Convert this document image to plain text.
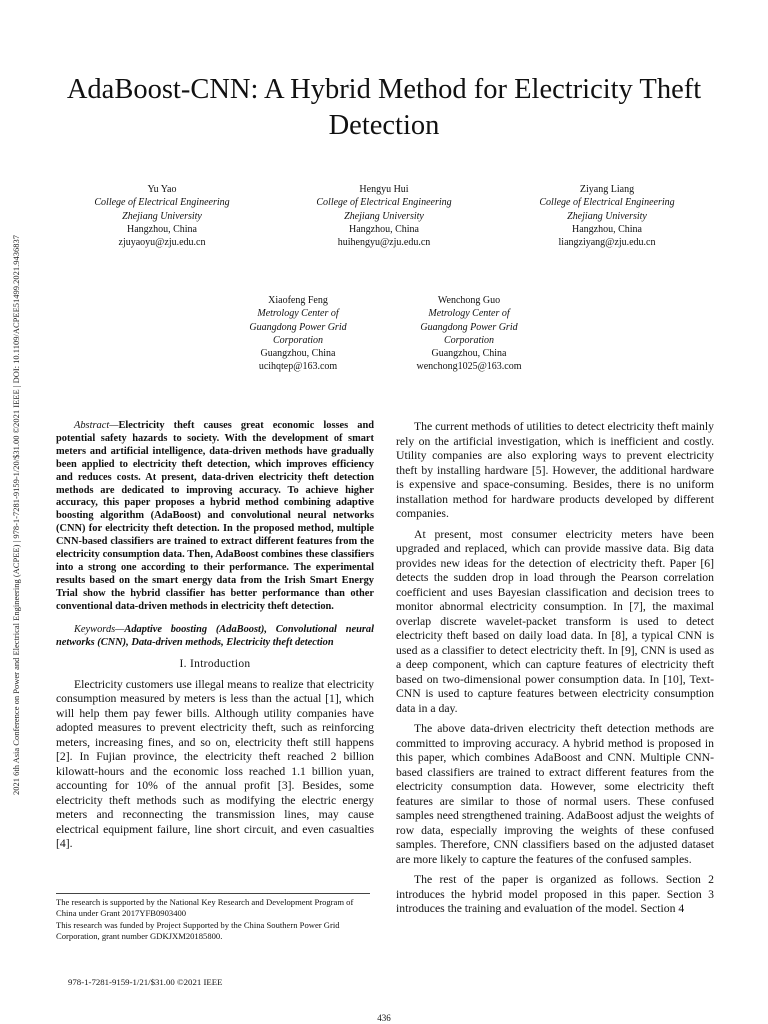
2021 6th Asia Conference on Power and Electrical Engineering (ACPEE) | 978-1-7281-9159-1/20/$31.00 ©2021 IEEE | DOI: 10.1109/ACPEE51499.2021.9436837
AdaBoost-CNN: A Hybrid Method for Electricity Theft Detection
Yu Yao
College of Electrical Engineering
Zhejiang University
Hangzhou, China
zjuyaoyu@zju.edu.cn
Hengyu Hui
College of Electrical Engineering
Zhejiang University
Hangzhou, China
huihengyu@zju.edu.cn
Ziyang Liang
College of Electrical Engineering
Zhejiang University
Hangzhou, China
liangziyang@zju.edu.cn
Xiaofeng Feng
Metrology Center of
Guangdong Power Grid
Corporation
Guangzhou, China
ucihqtep@163.com
Wenchong Guo
Metrology Center of
Guangdong Power Grid
Corporation
Guangzhou, China
wenchong1025@163.com

Abstract—Electricity theft causes great economic losses and potential safety hazards to society. With the development of smart meters and artificial intelligence, data-driven methods have gradually been applied to electricity theft detection, which improves efficiency and reduces costs. At present, data-driven electricity theft detection methods are dedicated to improving accuracy. To achieve higher accuracy, this paper proposes a hybrid method combining adaptive boosting algorithm (AdaBoost) and convolutional neural networks (CNN) for electricity theft detection. In the proposed method, multiple CNN-based classifiers are trained to extract different features from the electricity consumption data. Then, AdaBoost combines these classifiers into a strong one according to their performance. The experimental results based on the smart energy data from the Irish Smart Energy Trial show the hybrid classifier has better performance than other conventional data-driven methods in electricity theft detection.

Keywords—Adaptive boosting (AdaBoost), Convolutional neural networks (CNN), Data-driven methods, Electricity theft detection

I. Introduction

Electricity customers use illegal means to realize that electricity consumption measured by meters is less than the actual [1], which will help them pay fewer bills. Although utility companies have adopted measures to prevent electricity theft, such as reinforcing meters, increasing fines, and so on, electricity theft still happens [2]. In Fujian province, the electricity theft reached 2 billion kilowatt-hours and the economic loss reached 1.1 billion yuan, accounting for 10% of the annual profit [3]. Besides, some electricity theft methods such as modifying the electric energy meters and reconnecting the transmission lines, may cause electrical equipment failure, line short circuit, and even casualties [4].

The current methods of utilities to detect electricity theft mainly rely on the artificial investigation, which is inefficient and costly. Utility companies are also exploring ways to prevent electricity theft by installing hardware [5]. However, the additional hardware is expensive and space-consuming. Besides, there is no uniform installation method for hardware products developed by different companies.

At present, most consumer electricity meters have been upgraded and replaced, which can provide massive data. Big data provides new ideas for the detection of electricity theft. Paper [6] detects the sudden drop in load through the Pearson correlation coefficient and uses Bayesian classification and decision trees to monitor abnormal electricity consumption. In [7], the maximal overlap discrete wavelet-packet transform is used to detect electricity theft based on daily load data. In [8], a typical CNN is used as a classifier to detect electricity theft. In [9], CNN is used as a deep component, which can capture features of electricity theft based on two-dimensional power consumption data. In [10], Text-CNN is used to capture features between electricity consumption data in a day.

The above data-driven electricity theft detection methods are committed to improving accuracy. A hybrid method is proposed in this paper, which combines AdaBoost and CNN. Multiple CNN-based classifiers are trained to extract different features from the electricity consumption data. However, some electricity theft features are similar to those of normal users. These confused samples need strengthened training. AdaBoost adjust the weights of row data, especially improving the weights of these confused samples. Therefore, CNN classifiers based on the adjusted dataset are more likely to capture the features of the confused samples.

The rest of the paper is organized as follows. Section 2 introduces the hybrid model proposed in this paper. Section 3 introduces the training and evaluation of the model. Section 4

The research is supported by the National Key Research and Development Program of China under Grant 2017YFB0903400
This research was funded by Project Supported by the China Southern Power Grid Corporation, grant number GDKJXM20185800.
978-1-7281-9159-1/21/$31.00 ©2021 IEEE
436
